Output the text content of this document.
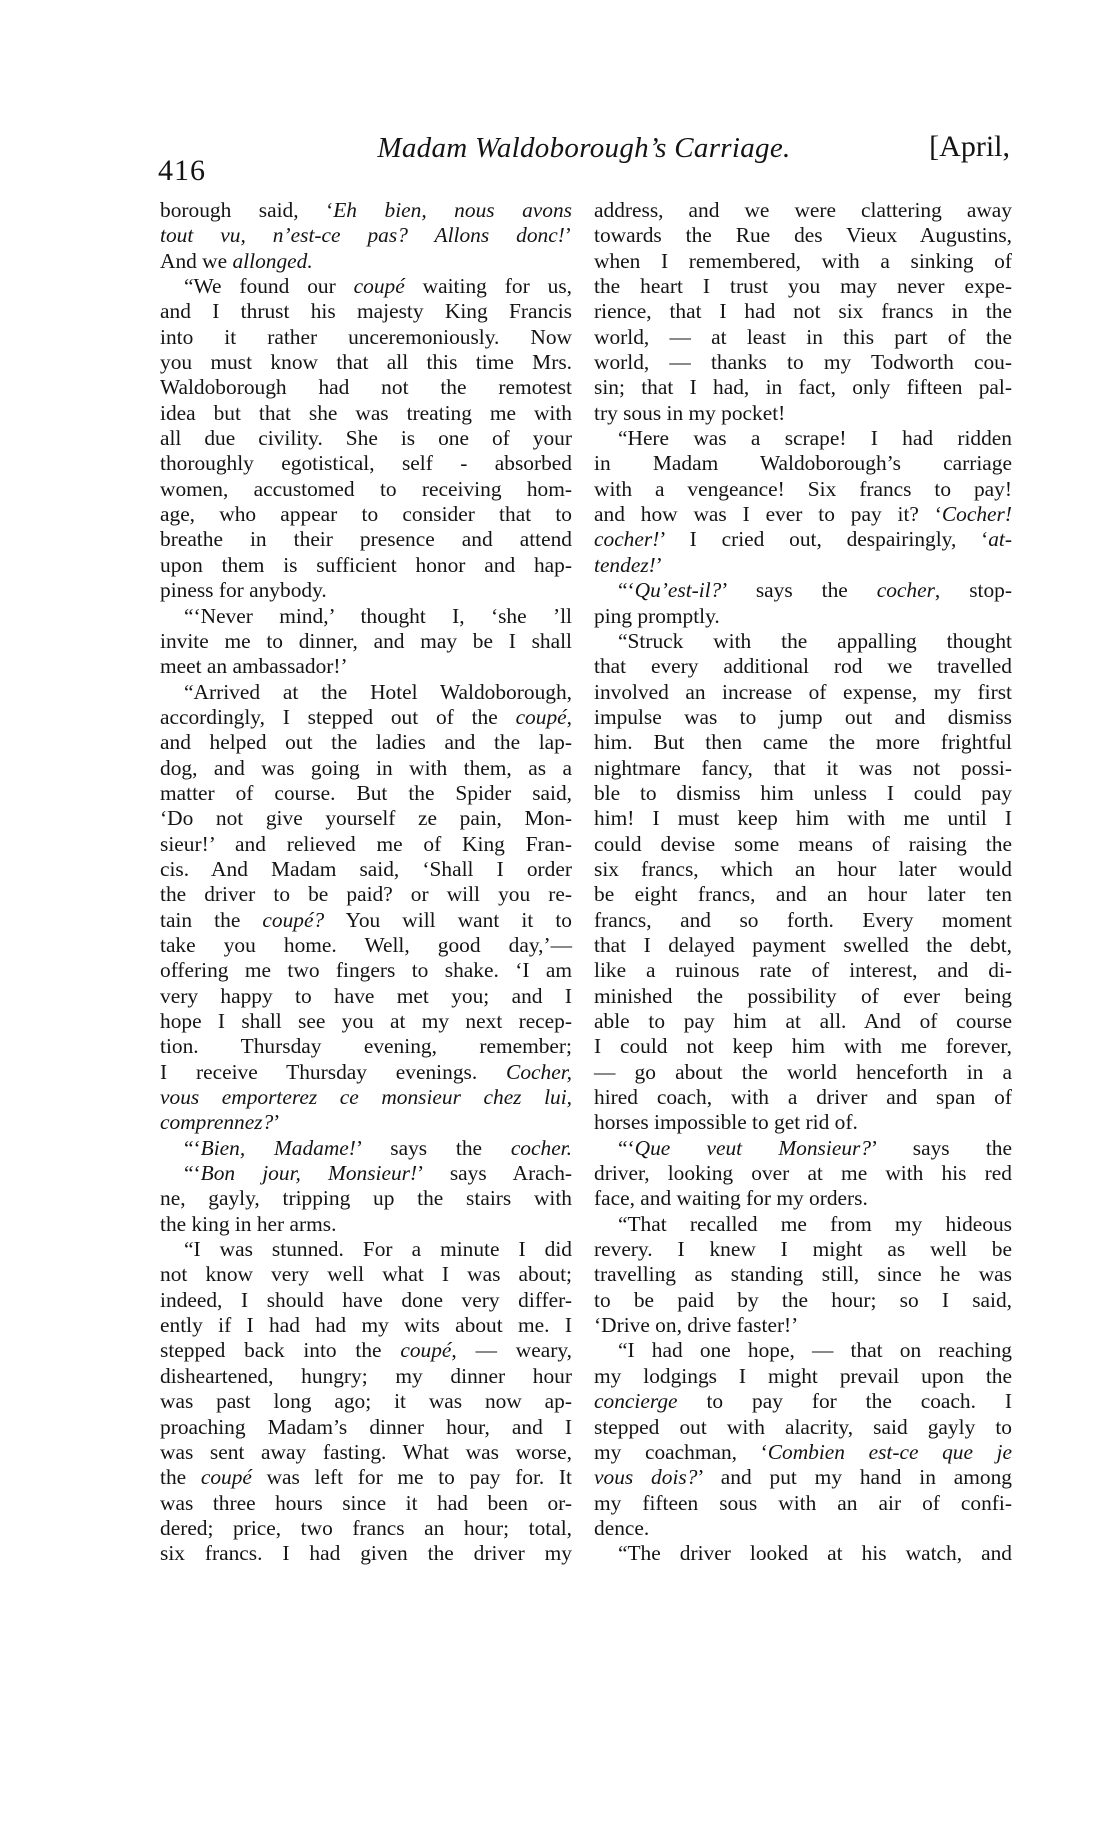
416
Madam Waldoborough’s Carriage.	[April,
borough said, ‘Eh bien, nous avons
tout vu, n’est-ce pas? Allons donc!’
And we allonged.
“We found our coupé waiting for us,
and I thrust his majesty King Francis
into it rather unceremoniously. Now
you must know that all this time Mrs.
Waldoborough had not the remotest
idea but that she was treating me with
all due civility. She is one of your
thoroughly egotistical, self - absorbed
women, accustomed to receiving hom-
age, who appear to consider that to
breathe in their presence and attend
upon them is sufficient honor and hap-
piness for anybody.
“‘Never mind,’ thought I, ‘she ’ll
invite me to dinner, and may be I shall
meet an ambassador!’
“Arrived at the Hotel Waldoborough,
accordingly, I stepped out of the coupé,
and helped out the ladies and the lap-
dog, and was going in with them, as a
matter of course. But the Spider said,
‘Do not give yourself ze pain, Mon-
sieur!’ and relieved me of King Fran-
cis. And Madam said, ‘Shall I order
the driver to be paid? or will you re-
tain the coupé? You will want it to
take you home. Well, good day,’—
offering me two fingers to shake. ‘I am
very happy to have met you; and I
hope I shall see you at my next recep-
tion. Thursday evening, remember;
I receive Thursday evenings. Cocher,
vous emporterez ce monsieur chez lui,
comprennez?’
“‘Bien, Madame!’ says the cocher.
“‘Bon jour, Monsieur!’ says Arach-
ne, gayly, tripping up the stairs with
the king in her arms.
“I was stunned. For a minute I did
not know very well what I was about;
indeed, I should have done very differ-
ently if I had had my wits about me. I
stepped back into the coupé, — weary,
disheartened, hungry; my dinner hour
was past long ago; it was now ap-
proaching Madam’s dinner hour, and I
was sent away fasting. What was worse,
the coupé was left for me to pay for. It
was three hours since it had been or-
dered; price, two francs an hour; total,
six francs. I had given the driver my
address, and we were clattering away
towards the Rue des Vieux Augustins,
when I remembered, with a sinking of
the heart I trust you may never expe-
rience, that I had not six francs in the
world, — at least in this part of the
world, — thanks to my Todworth cou-
sin; that I had, in fact, only fifteen pal-
try sous in my pocket!
“Here was a scrape! I had ridden
in Madam Waldoborough’s carriage
with a vengeance! Six francs to pay!
and how was I ever to pay it? ‘Cocher!
cocher!’ I cried out, despairingly, ‘at-
tendez!’
“‘Qu’est-il?’ says the cocher, stop-
ping promptly.
“Struck with the appalling thought
that every additional rod we travelled
involved an increase of expense, my first
impulse was to jump out and dismiss
him. But then came the more frightful
nightmare fancy, that it was not possi-
ble to dismiss him unless I could pay
him! I must keep him with me until I
could devise some means of raising the
six francs, which an hour later would
be eight francs, and an hour later ten
francs, and so forth. Every moment
that I delayed payment swelled the debt,
like a ruinous rate of interest, and di-
minished the possibility of ever being
able to pay him at all. And of course
I could not keep him with me forever,
— go about the world henceforth in a
hired coach, with a driver and span of
horses impossible to get rid of.
“‘Que veut Monsieur?’ says the
driver, looking over at me with his red
face, and waiting for my orders.
“That recalled me from my hideous
revery. I knew I might as well be
travelling as standing still, since he was
to be paid by the hour; so I said,
‘Drive on, drive faster!’
“I had one hope, — that on reaching
my lodgings I might prevail upon the
concierge to pay for the coach. I
stepped out with alacrity, said gayly to
my coachman, ‘Combien est-ce que je
vous dois?’ and put my hand in among
my fifteen sous with an air of confi-
dence.
“The driver looked at his watch, and
